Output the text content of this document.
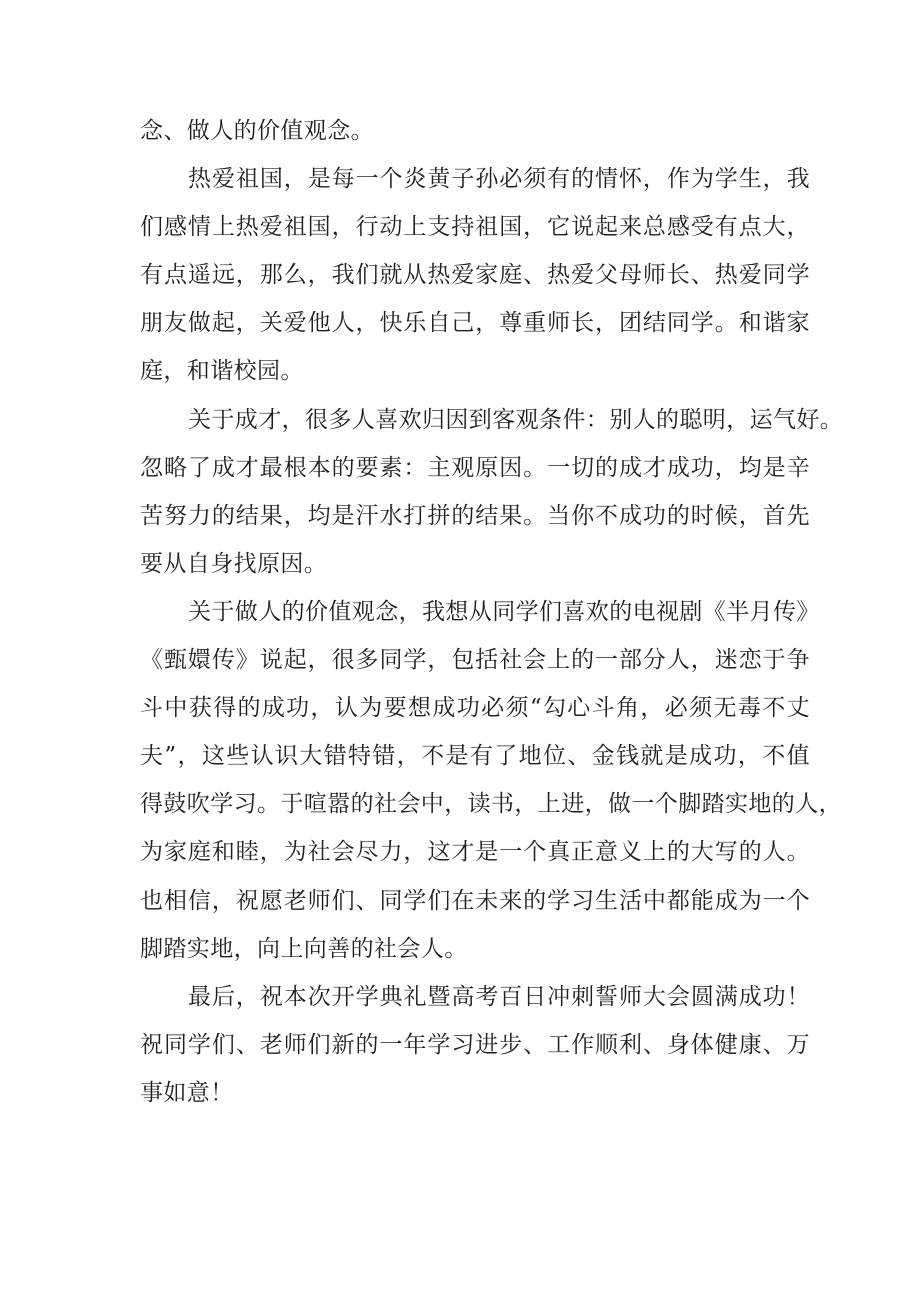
念、做人的价值观念。
热爱祖国，是每一个炎黄子孙必须有的情怀，作为学生，我
们感情上热爱祖国，行动上支持祖国，它说起来总感受有点大，
有点遥远，那么，我们就从热爱家庭、热爱父母师长、热爱同学
朋友做起，关爱他人，快乐自己，尊重师长，团结同学。和谐家
庭，和谐校园。
关于成才，很多人喜欢归因到客观条件：别人的聪明，运气好。
忽略了成才最根本的要素：主观原因。一切的成才成功，均是辛
苦努力的结果，均是汗水打拼的结果。当你不成功的时候，首先
要从自身找原因。
关于做人的价值观念，我想从同学们喜欢的电视剧《半月传》
《甄嬛传》说起，很多同学，包括社会上的一部分人，迷恋于争
斗中获得的成功，认为要想成功必须“勾心斗角，必须无毒不丈
夫”，这些认识大错特错，不是有了地位、金钱就是成功，不值
得鼓吹学习。于喧嚣的社会中，读书，上进，做一个脚踏实地的人，
为家庭和睦，为社会尽力，这才是一个真正意义上的大写的人。
也相信，祝愿老师们、同学们在未来的学习生活中都能成为一个
脚踏实地，向上向善的社会人。
最后，祝本次开学典礼暨高考百日冲刺誓师大会圆满成功！
祝同学们、老师们新的一年学习进步、工作顺利、身体健康、万
事如意！
